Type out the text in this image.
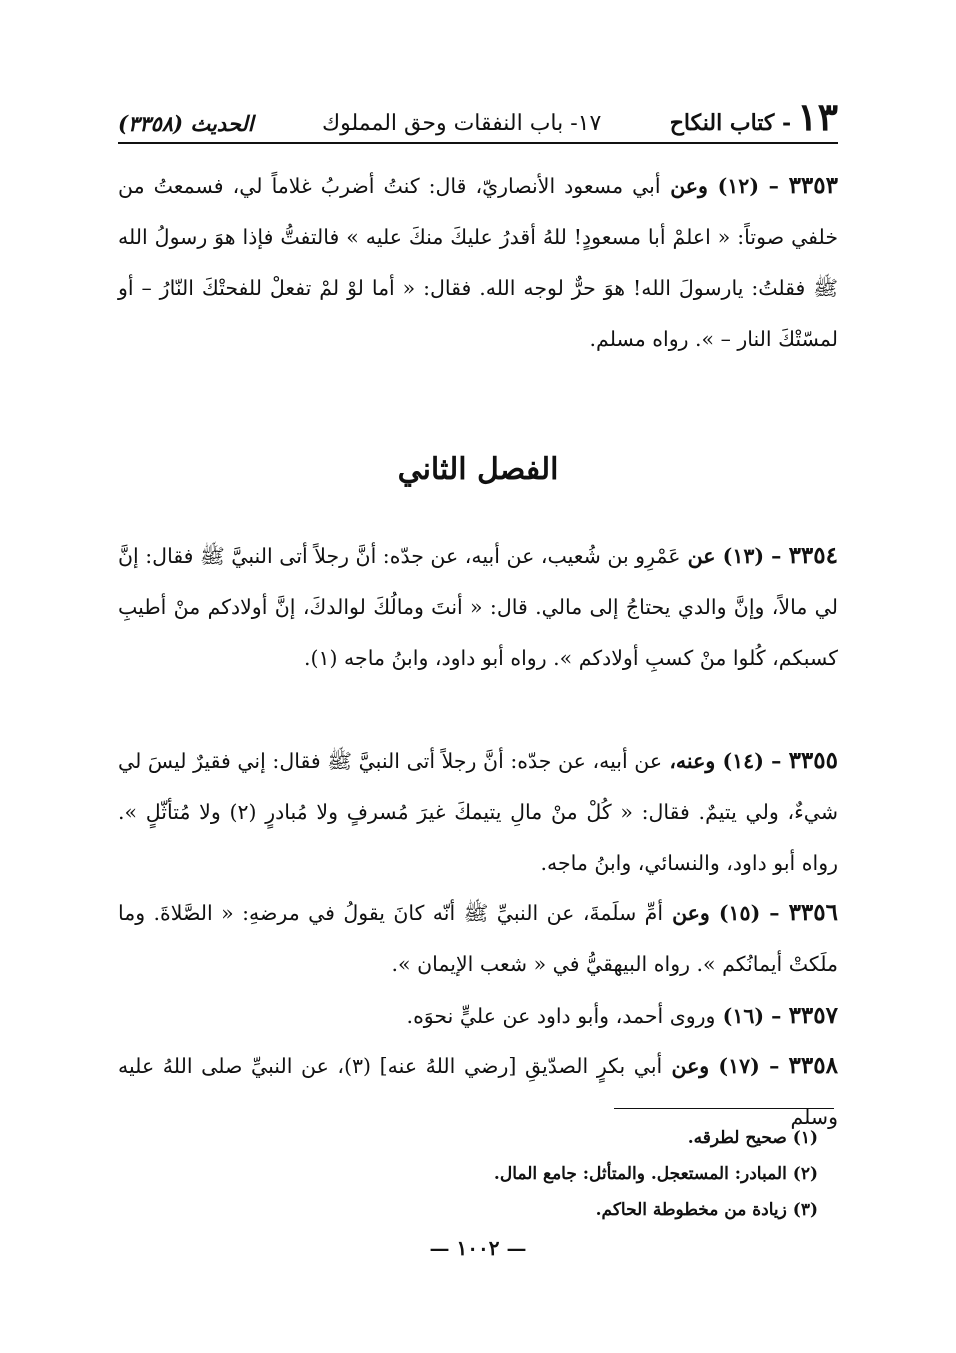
١٣
- كتاب النكاح
١٧- باب النفقات وحق المملوك
الحديث (٣٣٥٨)
٣٣٥٣ – (١٢) وعن أبي مسعود الأنصاريّ، قال: كنتُ أضربُ غلاماً لي، فسمعتُ من خلفي صوتاً: « اعلمْ أبا مسعودٍ! للهُ أقدرُ عليكَ منكَ عليه » فالتفتُّ فإذا هوَ رسولُ الله ﷺ فقلتُ: يارسولَ الله! هوَ حرٌّ لوجه الله. فقال: « أما لوْ لمْ تفعلْ للفحتْكَ النّارُ – أو لمسّتْكَ النار – ». رواه مسلم.
الفصل الثاني
٣٣٥٤ – (١٣) عن عَمْرِو بن شُعيب، عن أبيه، عن جدّه: أنَّ رجلاً أتى النبيَّ ﷺ فقال: إنَّ لي مالاً، وإنَّ والدي يحتاجُ إلى مالي. قال: « أنتَ ومالُكَ لوالدكَ، إنَّ أولادكم منْ أطيبِ كسبكم، كُلوا منْ كسبِ أولادكم ». رواه أبو داود، وابنُ ماجه (١).
٣٣٥٥ – (١٤) وعنه، عن أبيه، عن جدّه: أنَّ رجلاً أتى النبيَّ ﷺ فقال: إني فقيرٌ ليسَ لي شيءٌ، ولي يتيمٌ. فقال: « كُلْ منْ مالِ يتيمكَ غيرَ مُسرفٍ ولا مُبادرٍ (٢) ولا مُتأثّلٍ ». رواه أبو داود، والنسائي، وابنُ ماجه.
٣٣٥٦ – (١٥) وعن أمِّ سلَمةَ، عن النبيِّ ﷺ أنّه كانَ يقولُ في مرضهِ: « الصَّلاةَ. وما ملَكتْ أيمانُكم ». رواه البيهقيُّ في « شعب الإيمان ».
٣٣٥٧ – (١٦) وروى أحمد، وأبو داود عن عليٍّ نحوَه.
٣٣٥٨ – (١٧) وعن أبي بكرٍ الصدّيقِ [رضي اللهُ عنه] (٣)، عن النبيِّ صلى اللهُ عليه وسلم
(١) صحيح لطرقه.
(٢) المبادر: المستعجل. والمتأثل: جامع المال.
(٣) زيادة من مخطوطة الحاكم.
— ١٠٠٢ —
